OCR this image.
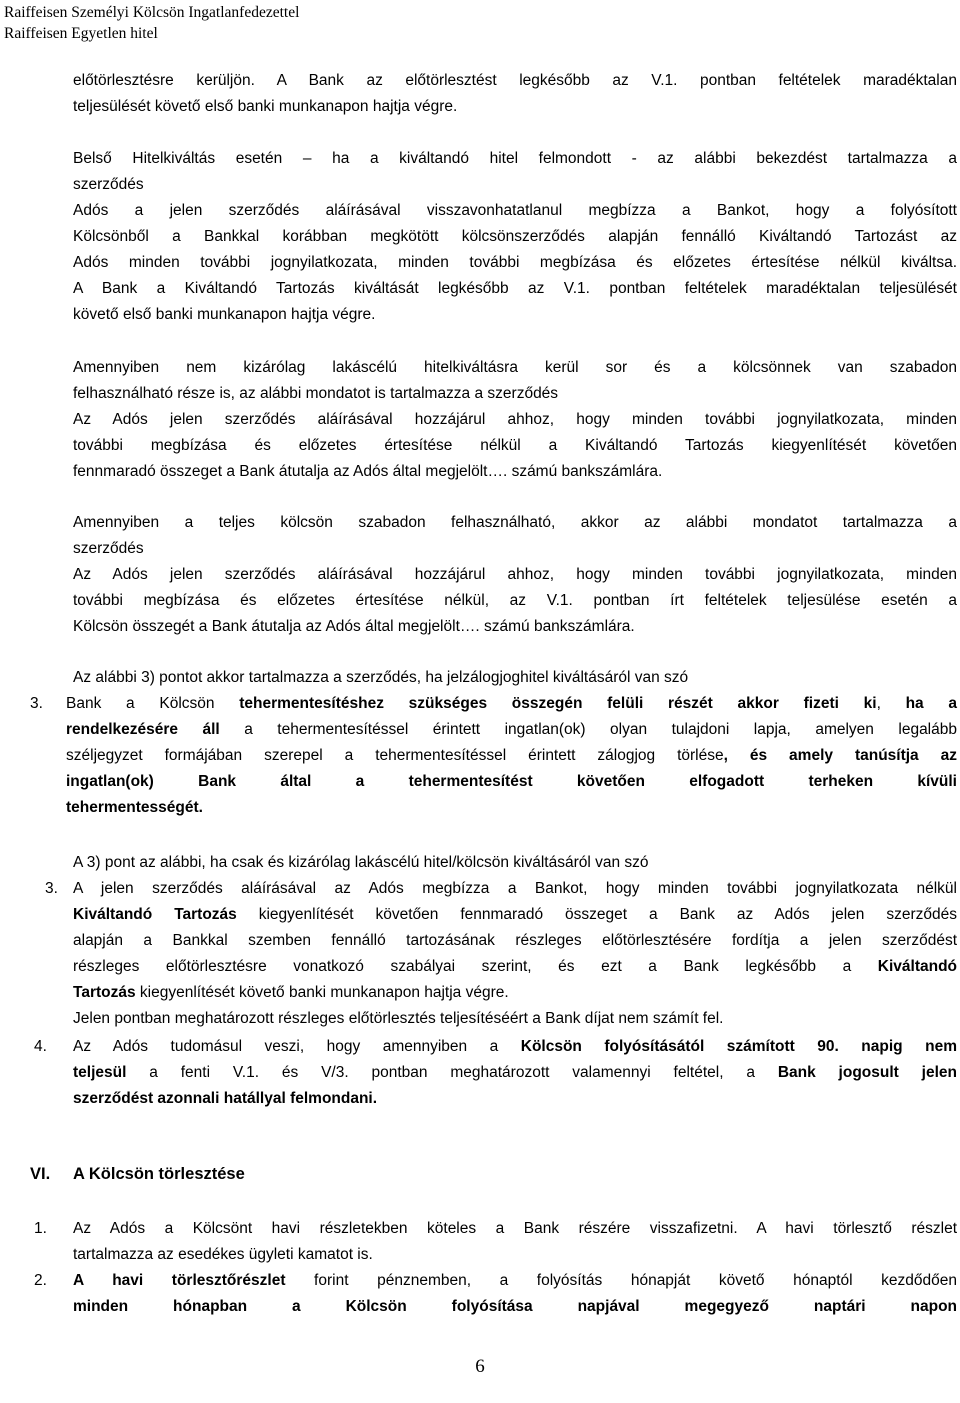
Raiffeisen Személyi Kölcsön Ingatlanfedezettel
Raiffeisen Egyetlen hitel
előtörlesztésre kerüljön. A Bank az előtörlesztést legkésőbb az V.1. pontban feltételek maradéktalan
teljesülését követő első banki munkanapon hajtja végre.
Belső Hitelkiváltás esetén – ha a kiváltandó hitel felmondott - az alábbi bekezdést tartalmazza a
szerződés
Adós a jelen szerződés aláírásával visszavonhatatlanul megbízza a Bankot, hogy a folyósított
Kölcsönből a Bankkal korábban megkötött kölcsönszerződés alapján fennálló Kiváltandó Tartozást az
Adós minden további jognyilatkozata, minden további megbízása és előzetes értesítése nélkül kiváltsa.
A Bank a Kiváltandó Tartozás kiváltását legkésőbb az V.1. pontban feltételek maradéktalan teljesülését
követő első banki munkanapon hajtja végre.
Amennyiben nem kizárólag lakáscélú hitelkiváltásra kerül sor és a kölcsönnek van szabadon
felhasználható része is, az alábbi mondatot is tartalmazza a szerződés
Az Adós jelen szerződés aláírásával hozzájárul ahhoz, hogy minden további jognyilatkozata, minden
további megbízása és előzetes értesítése nélkül a Kiváltandó Tartozás kiegyenlítését követően
fennmaradó összeget a Bank átutalja az Adós által megjelölt…. számú bankszámlára.
Amennyiben a teljes kölcsön szabadon felhasználható, akkor az alábbi mondatot tartalmazza a
szerződés
Az Adós jelen szerződés aláírásával hozzájárul ahhoz, hogy minden további jognyilatkozata, minden
további megbízása és előzetes értesítése nélkül, az V.1. pontban írt feltételek teljesülése esetén a
Kölcsön összegét a Bank átutalja az Adós által megjelölt…. számú bankszámlára.
Az alábbi 3) pontot akkor tartalmazza a szerződés, ha jelzálogjoghitel kiváltásáról van szó
3.	Bank a Kölcsön tehermentesítéshez szükséges összegén felüli részét akkor fizeti ki, ha a
rendelkezésére áll a tehermentesítéssel érintett ingatlan(ok) olyan tulajdoni lapja, amelyen legalább
széljegyzet formájában szerepel a tehermentesítéssel érintett zálogjog törlése, és amely tanúsítja az
ingatlan(ok) Bank által a tehermentesítést követően elfogadott terheken kívüli
tehermentességét.
A 3) pont az alábbi, ha csak és kizárólag lakáscélú hitel/kölcsön kiváltásáról van szó
3. A jelen szerződés aláírásával az Adós megbízza a Bankot, hogy minden további jognyilatkozata nélkül
Kiváltandó Tartozás kiegyenlítését követően fennmaradó összeget a Bank az Adós jelen szerződés
alapján a Bankkal szemben fennálló tartozásának részleges előtörlesztésére fordítja a jelen szerződést
részleges előtörlesztésre vonatkozó szabályai szerint, és ezt a Bank legkésőbb a Kiváltandó
Tartozás kiegyenlítését követő banki munkanapon hajtja végre.
Jelen pontban meghatározott részleges előtörlesztés teljesítéséért a Bank díjat nem számít fel.
4.	Az Adós tudomásul veszi, hogy amennyiben a Kölcsön folyósításától számított 90. napig nem
teljesül a fenti V.1. és V/3. pontban meghatározott valamennyi feltétel, a Bank jogosult jelen
szerződést azonnali hatállyal felmondani.
VI. A Kölcsön törlesztése
1.	Az Adós a Kölcsönt havi részletekben köteles a Bank részére visszafizetni. A havi törlesztő részlet
tartalmazza az esedékes ügyleti kamatot is.
2.	A havi törlesztőrészlet forint pénznemben, a folyósítás hónapját követő hónaptól kezdődően
minden hónapban a Kölcsön folyósítása napjával megegyező naptári napon
6
